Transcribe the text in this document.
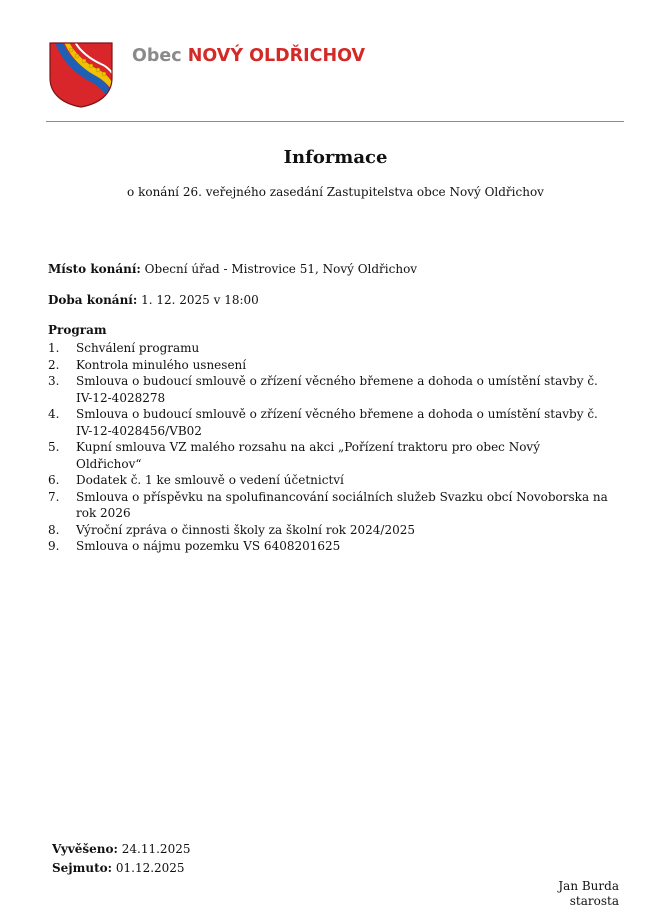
Obec NOVÝ OLDŘICHOV
Informace
o konání 26. veřejného zasedání Zastupitelstva obce Nový Oldřichov
Místo konání: Obecní úřad - Mistrovice 51, Nový Oldřichov
Doba konání: 1. 12. 2025 v 18:00
Program
1. Schválení programu
2. Kontrola minulého usnesení
3. Smlouva o budoucí smlouvě o zřízení věcného břemene a dohoda o umístění stavby č. IV-12-4028278
4. Smlouva o budoucí smlouvě o zřízení věcného břemene a dohoda o umístění stavby č. IV-12-4028456/VB02
5. Kupní smlouva VZ malého rozsahu na akci „Pořízení traktoru pro obec Nový Oldřichov“
6. Dodatek č. 1 ke smlouvě o vedení účetnictví
7. Smlouva o příspěvku na spolufinancování sociálních služeb Svazku obcí Novoborska na rok 2026
8. Výroční zpráva o činnosti školy za školní rok 2024/2025
9. Smlouva o nájmu pozemku VS 6408201625
Vyvěšeno: 24.11.2025
Sejmuto: 01.12.2025
Jan Burda
starosta
